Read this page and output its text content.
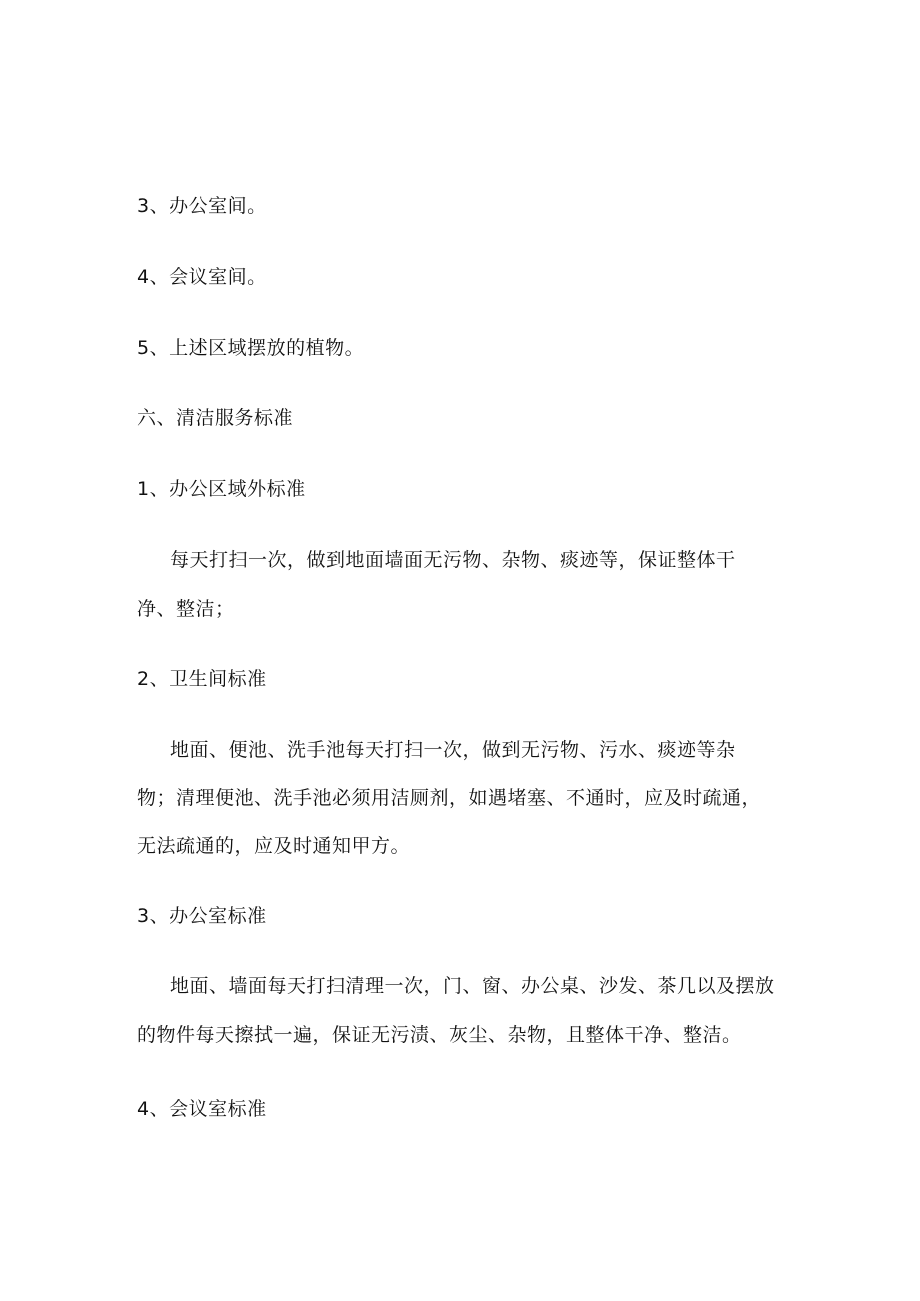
3、办公室间。
4、会议室间。
5、上述区域摆放的植物。
六、清洁服务标准
1、办公区域外标准
每天打扫一次，做到地面墙面无污物、杂物、痰迹等，保证整体干
净、整洁；
2、卫生间标准
地面、便池、洗手池每天打扫一次，做到无污物、污水、痰迹等杂
物；清理便池、洗手池必须用洁厕剂，如遇堵塞、不通时，应及时疏通，
无法疏通的，应及时通知甲方。
3、办公室标准
地面、墙面每天打扫清理一次，门、窗、办公桌、沙发、茶几以及摆放
的物件每天擦拭一遍，保证无污渍、灰尘、杂物，且整体干净、整洁。
4、会议室标准
